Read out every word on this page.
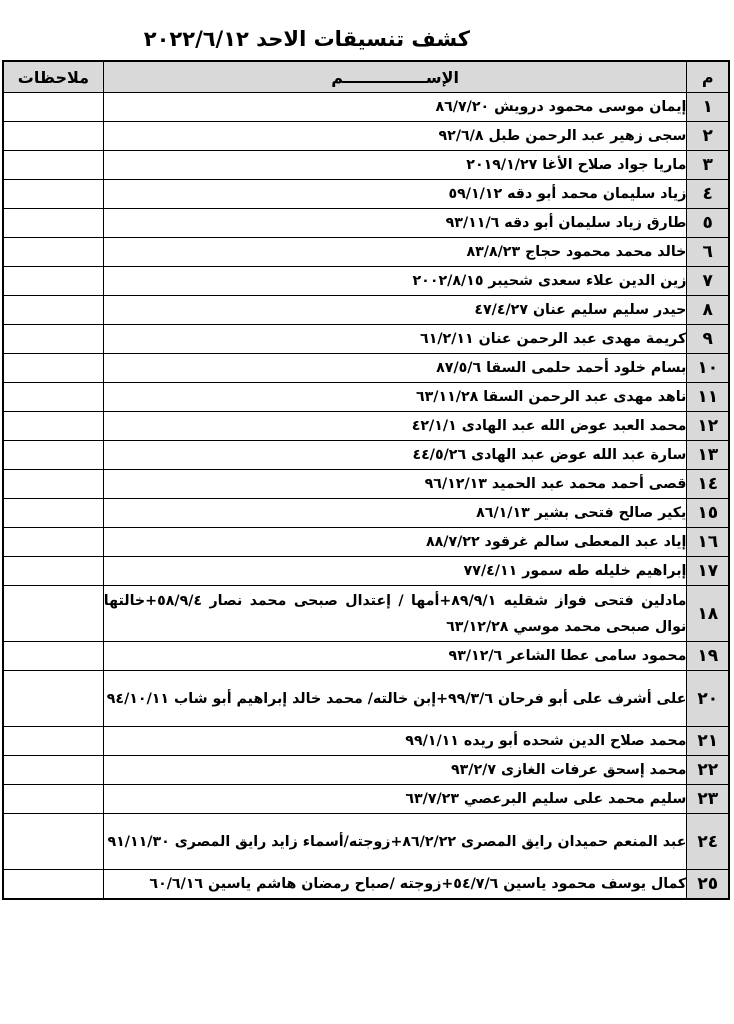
كشف تنسيقات الاحد ٢٠٢٢/٦/١٢
م	الإســـــــــــــــم	ملاحظات
١	إيمان موسى محمود درويش ٨٦/٧/٢٠	
٢	سجى زهير عبد الرحمن طبل ٩٢/٦/٨	
٣	ماريا جواد صلاح الأغا ٢٠١٩/١/٢٧	
٤	زياد سليمان محمد أبو دقه ٥٩/١/١٢	
٥	طارق زياد سليمان أبو دقه ٩٣/١١/٦	
٦	خالد محمد محمود حجاج ٨٣/٨/٢٣	
٧	زين الدين علاء سعدى شحيبر ٢٠٠٢/٨/١٥	
٨	حيدر سليم سليم عنان ٤٧/٤/٢٧	
٩	كريمة مهدى عبد الرحمن عنان ٦١/٢/١١	
١٠	بسام خلود أحمد حلمى السقا ٨٧/٥/٦	
١١	ناهد مهدى عبد الرحمن السقا ٦٣/١١/٢٨	
١٢	محمد العبد عوض الله عبد الهادى ٤٢/١/١	
١٣	سارة عبد الله عوض عبد الهادى ٤٤/٥/٢٦	
١٤	قصى أحمد محمد عبد الحميد ٩٦/١٢/١٣	
١٥	يكير صالح فتحى بشير ٨٦/١/١٣	
١٦	إياد عبد المعطى سالم غرقود ٨٨/٧/٢٢	
١٧	إبراهيم خليله طه سمور ٧٧/٤/١١	
١٨	مادلين فتحى فواز شقليه ٨٩/٩/١+أمها / إعتدال صبحى محمد نصار ٥٨/٩/٤+خالتها نوال صبحى محمد موسي ٦٣/١٢/٢٨	
١٩	محمود سامى عطا الشاعر ٩٣/١٢/٦	
٢٠	على أشرف على أبو فرحان ٩٩/٣/٦+إبن خالته/ محمد خالد إبراهيم أبو شاب ٩٤/١٠/١١	
٢١	محمد صلاح الدين شحده أبو ريده ٩٩/١/١١	
٢٢	محمد إسحق عرفات الغازى ٩٣/٢/٧	
٢٣	سليم محمد على سليم البرعصي ٦٣/٧/٢٣	
٢٤	عبد المنعم حميدان رايق المصرى ٨٦/٢/٢٢+زوجته/أسماء زايد رايق المصرى ٩١/١١/٣٠	
٢٥	كمال يوسف محمود ياسين ٥٤/٧/٦+زوجته /صباح رمضان هاشم ياسين ٦٠/٦/١٦	
